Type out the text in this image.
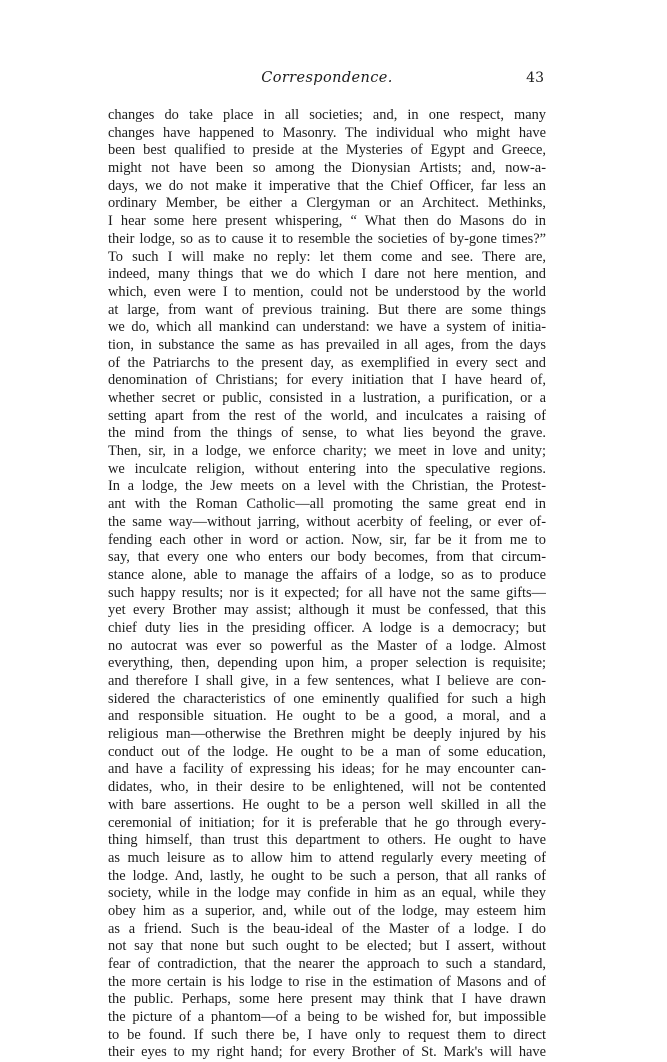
Correspondence.	43
changes do take place in all societies; and, in one respect, many
changes have happened to Masonry. The individual who might have
been best qualified to preside at the Mysteries of Egypt and Greece,
might not have been so among the Dionysian Artists; and, now-a-
days, we do not make it imperative that the Chief Officer, far less an
ordinary Member, be either a Clergyman or an Architect. Methinks,
I hear some here present whispering, “ What then do Masons do in
their lodge, so as to cause it to resemble the societies of by-gone times?”
To such I will make no reply: let them come and see. There are,
indeed, many things that we do which I dare not here mention, and
which, even were I to mention, could not be understood by the world
at large, from want of previous training. But there are some things
we do, which all mankind can understand: we have a system of initia-
tion, in substance the same as has prevailed in all ages, from the days
of the Patriarchs to the present day, as exemplified in every sect and
denomination of Christians; for every initiation that I have heard of,
whether secret or public, consisted in a lustration, a purification, or a
setting apart from the rest of the world, and inculcates a raising of
the mind from the things of sense, to what lies beyond the grave.
Then, sir, in a lodge, we enforce charity; we meet in love and unity;
we inculcate religion, without entering into the speculative regions.
In a lodge, the Jew meets on a level with the Christian, the Protest-
ant with the Roman Catholic—all promoting the same great end in
the same way—without jarring, without acerbity of feeling, or ever of-
fending each other in word or action. Now, sir, far be it from me to
say, that every one who enters our body becomes, from that circum-
stance alone, able to manage the affairs of a lodge, so as to produce
such happy results; nor is it expected; for all have not the same gifts—
yet every Brother may assist; although it must be confessed, that this
chief duty lies in the presiding officer. A lodge is a democracy; but
no autocrat was ever so powerful as the Master of a lodge. Almost
everything, then, depending upon him, a proper selection is requisite;
and therefore I shall give, in a few sentences, what I believe are con-
sidered the characteristics of one eminently qualified for such a high
and responsible situation. He ought to be a good, a moral, and a
religious man—otherwise the Brethren might be deeply injured by his
conduct out of the lodge. He ought to be a man of some education,
and have a facility of expressing his ideas; for he may encounter can-
didates, who, in their desire to be enlightened, will not be contented
with bare assertions. He ought to be a person well skilled in all the
ceremonial of initiation; for it is preferable that he go through every-
thing himself, than trust this department to others. He ought to have
as much leisure as to allow him to attend regularly every meeting of
the lodge. And, lastly, he ought to be such a person, that all ranks of
society, while in the lodge may confide in him as an equal, while they
obey him as a superior, and, while out of the lodge, may esteem him
as a friend. Such is the beau-ideal of the Master of a lodge. I do
not say that none but such ought to be elected; but I assert, without
fear of contradiction, that the nearer the approach to such a standard,
the more certain is his lodge to rise in the estimation of Masons and of
the public. Perhaps, some here present may think that I have drawn
the picture of a phantom—of a being to be wished for, but impossible
to be found. If such there be, I have only to request them to direct
their eyes to my right hand; for every Brother of St. Mark's will have
